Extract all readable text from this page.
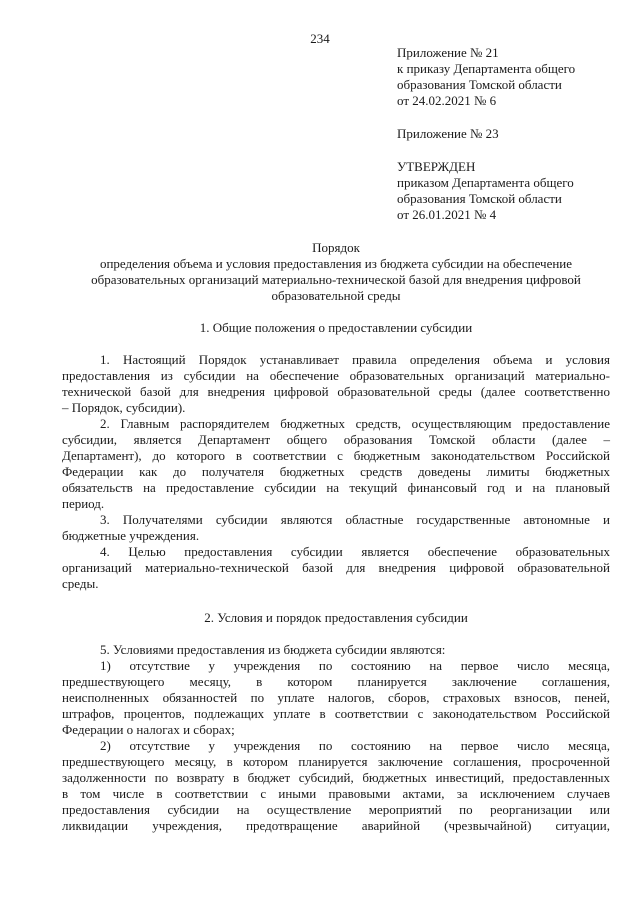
234
Приложение № 21
к приказу Департамента общего
образования Томской области
от 24.02.2021 № 6
Приложение № 23
УТВЕРЖДЕН
приказом Департамента общего
образования Томской области
от 26.01.2021 № 4
Порядок
определения объема и условия предоставления из бюджета субсидии на обеспечение
образовательных организаций материально-технической базой для внедрения цифровой
образовательной среды
1. Общие положения о предоставлении субсидии
1. Настоящий Порядок устанавливает правила определения объема и условия
предоставления из субсидии на обеспечение образовательных организаций материально-
технической базой для внедрения цифровой образовательной среды (далее соответственно
– Порядок, субсидии).
2. Главным распорядителем бюджетных средств, осуществляющим предоставление
субсидии, является Департамент общего образования Томской области (далее –
Департамент), до которого в соответствии с бюджетным законодательством Российской
Федерации как до получателя бюджетных средств доведены лимиты бюджетных
обязательств на предоставление субсидии на текущий финансовый год и на плановый
период.
3. Получателями субсидии являются областные государственные автономные и
бюджетные учреждения.
4. Целью предоставления субсидии является обеспечение образовательных
организаций материально-технической базой для внедрения цифровой образовательной
среды.
2. Условия и порядок предоставления субсидии
5. Условиями предоставления из бюджета субсидии являются:
1) отсутствие у учреждения по состоянию на первое число месяца,
предшествующего месяцу, в котором планируется заключение соглашения,
неисполненных обязанностей по уплате налогов, сборов, страховых взносов, пеней,
штрафов, процентов, подлежащих уплате в соответствии с законодательством Российской
Федерации о налогах и сборах;
2) отсутствие у учреждения по состоянию на первое число месяца,
предшествующего месяцу, в котором планируется заключение соглашения, просроченной
задолженности по возврату в бюджет субсидий, бюджетных инвестиций, предоставленных
в том числе в соответствии с иными правовыми актами, за исключением случаев
предоставления субсидии на осуществление мероприятий по реорганизации или
ликвидации учреждения, предотвращение аварийной (чрезвычайной) ситуации,
